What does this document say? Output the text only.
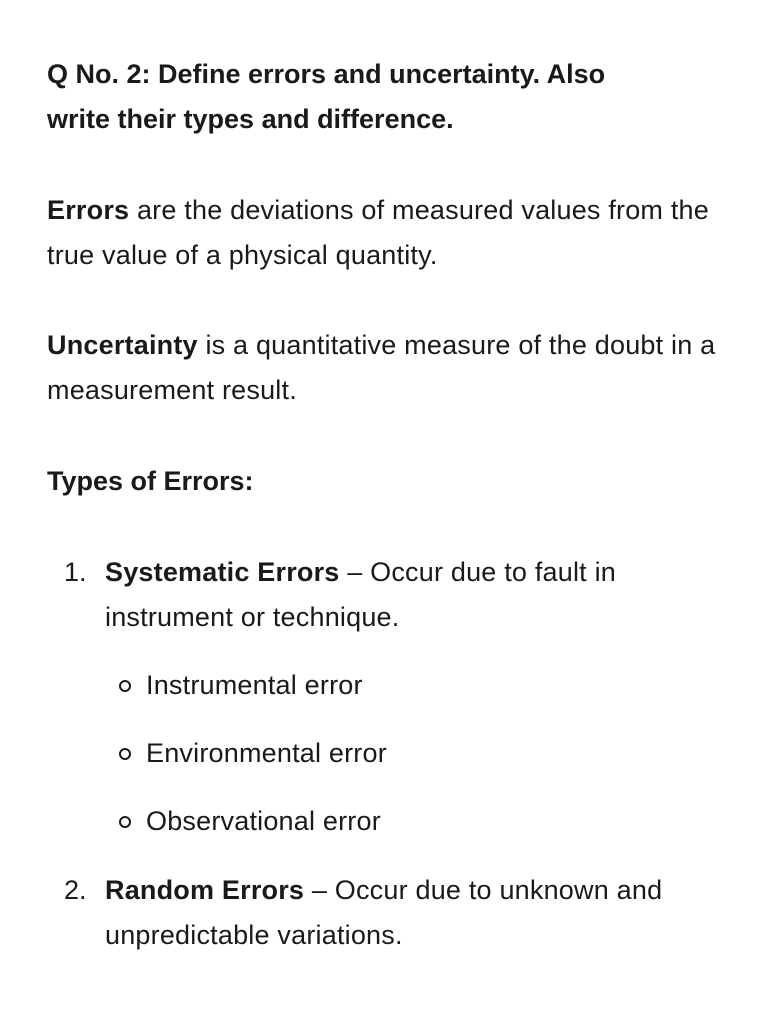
Q No. 2: Define errors and uncertainty. Also
write their types and difference.

Errors are the deviations of measured values from the true value of a physical quantity.

Uncertainty is a quantitative measure of the doubt in a measurement result.

Types of Errors:

1. Systematic Errors – Occur due to fault in instrument or technique.
Instrumental error
Environmental error
Observational error
2. Random Errors – Occur due to unknown and unpredictable variations.
